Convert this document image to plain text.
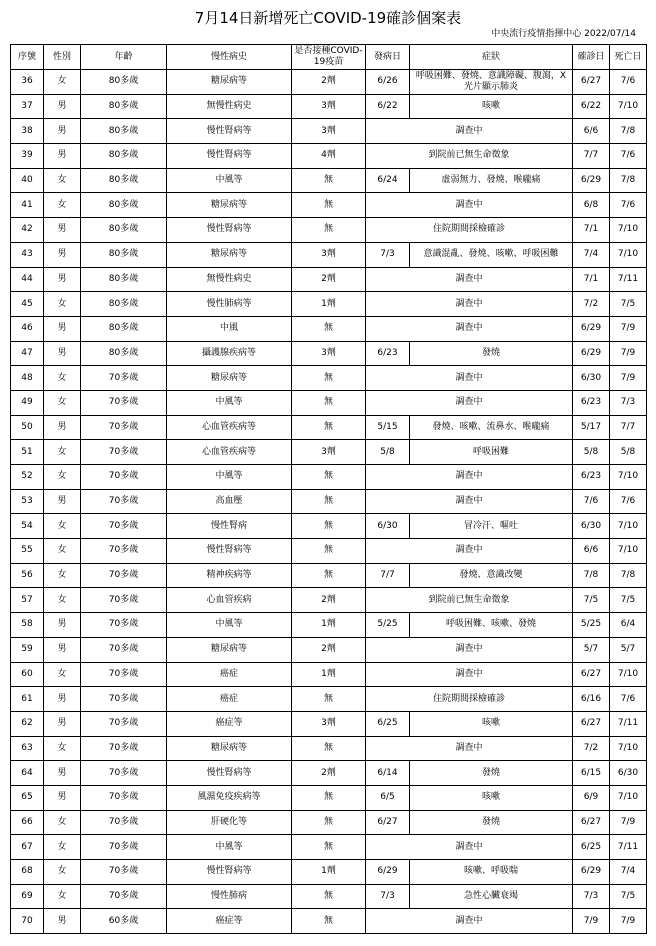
7月14日新增死亡COVID-19確診個案表
中央流行疫情指揮中心 2022/07/14
序號	性別	年齡	慢性病史	是否接種COVID-19疫苗	發病日	症狀	確診日	死亡日
36	女	80多歲	糖尿病等	2劑	6/26	呼吸困難、發燒、意識障礙、腹瀉，X光片顯示肺炎	6/27	7/6
37	男	80多歲	無慢性病史	3劑	6/22	咳嗽	6/22	7/10
38	男	80多歲	慢性腎病等	3劑	調查中		6/6	7/8
39	男	80多歲	慢性腎病等	4劑	到院前已無生命徵象		7/7	7/6
40	女	80多歲	中風等	無	6/24	虛弱無力、發燒、喉嚨痛	6/29	7/8
41	女	80多歲	糖尿病等	無	調查中		6/8	7/6
42	男	80多歲	慢性腎病等	無	住院期間採檢確診		7/1	7/10
43	男	80多歲	糖尿病等	3劑	7/3	意識混亂、發燒、咳嗽、呼吸困難	7/4	7/10
44	男	80多歲	無慢性病史	2劑	調查中		7/1	7/11
45	女	80多歲	慢性肺病等	1劑	調查中		7/2	7/5
46	男	80多歲	中風	無	調查中		6/29	7/9
47	男	80多歲	攝護腺疾病等	3劑	6/23	發燒	6/29	7/9
48	女	70多歲	糖尿病等	無	調查中		6/30	7/9
49	女	70多歲	中風等	無	調查中		6/23	7/3
50	男	70多歲	心血管疾病等	無	5/15	發燒、咳嗽、流鼻水、喉嚨痛	5/17	7/7
51	女	70多歲	心血管疾病等	3劑	5/8	呼吸困難	5/8	5/8
52	女	70多歲	中風等	無	調查中		6/23	7/10
53	男	70多歲	高血壓	無	調查中		7/6	7/6
54	女	70多歲	慢性腎病	無	6/30	冒冷汗、嘔吐	6/30	7/10
55	女	70多歲	慢性腎病等	無	調查中		6/6	7/10
56	女	70多歲	精神疾病等	無	7/7	發燒、意識改變	7/8	7/8
57	女	70多歲	心血管疾病	2劑	到院前已無生命徵象		7/5	7/5
58	男	70多歲	中風等	1劑	5/25	呼吸困難、咳嗽、發燒	5/25	6/4
59	男	70多歲	糖尿病等	2劑	調查中		5/7	5/7
60	女	70多歲	癌症	1劑	調查中		6/27	7/10
61	男	70多歲	癌症	無	住院期間採檢確診		6/16	7/6
62	男	70多歲	癌症等	3劑	6/25	咳嗽	6/27	7/11
63	女	70多歲	糖尿病等	無	調查中		7/2	7/10
64	男	70多歲	慢性腎病等	2劑	6/14	發燒	6/15	6/30
65	男	70多歲	風濕免疫疾病等	無	6/5	咳嗽	6/9	7/10
66	女	70多歲	肝硬化等	無	6/27	發燒	6/27	7/9
67	女	70多歲	中風等	無	調查中		6/25	7/11
68	女	70多歲	慢性腎病等	1劑	6/29	咳嗽、呼吸喘	6/29	7/4
69	女	70多歲	慢性肺病	無	7/3	急性心臟衰竭	7/3	7/5
70	男	60多歲	癌症等	無	調查中		7/9	7/9
